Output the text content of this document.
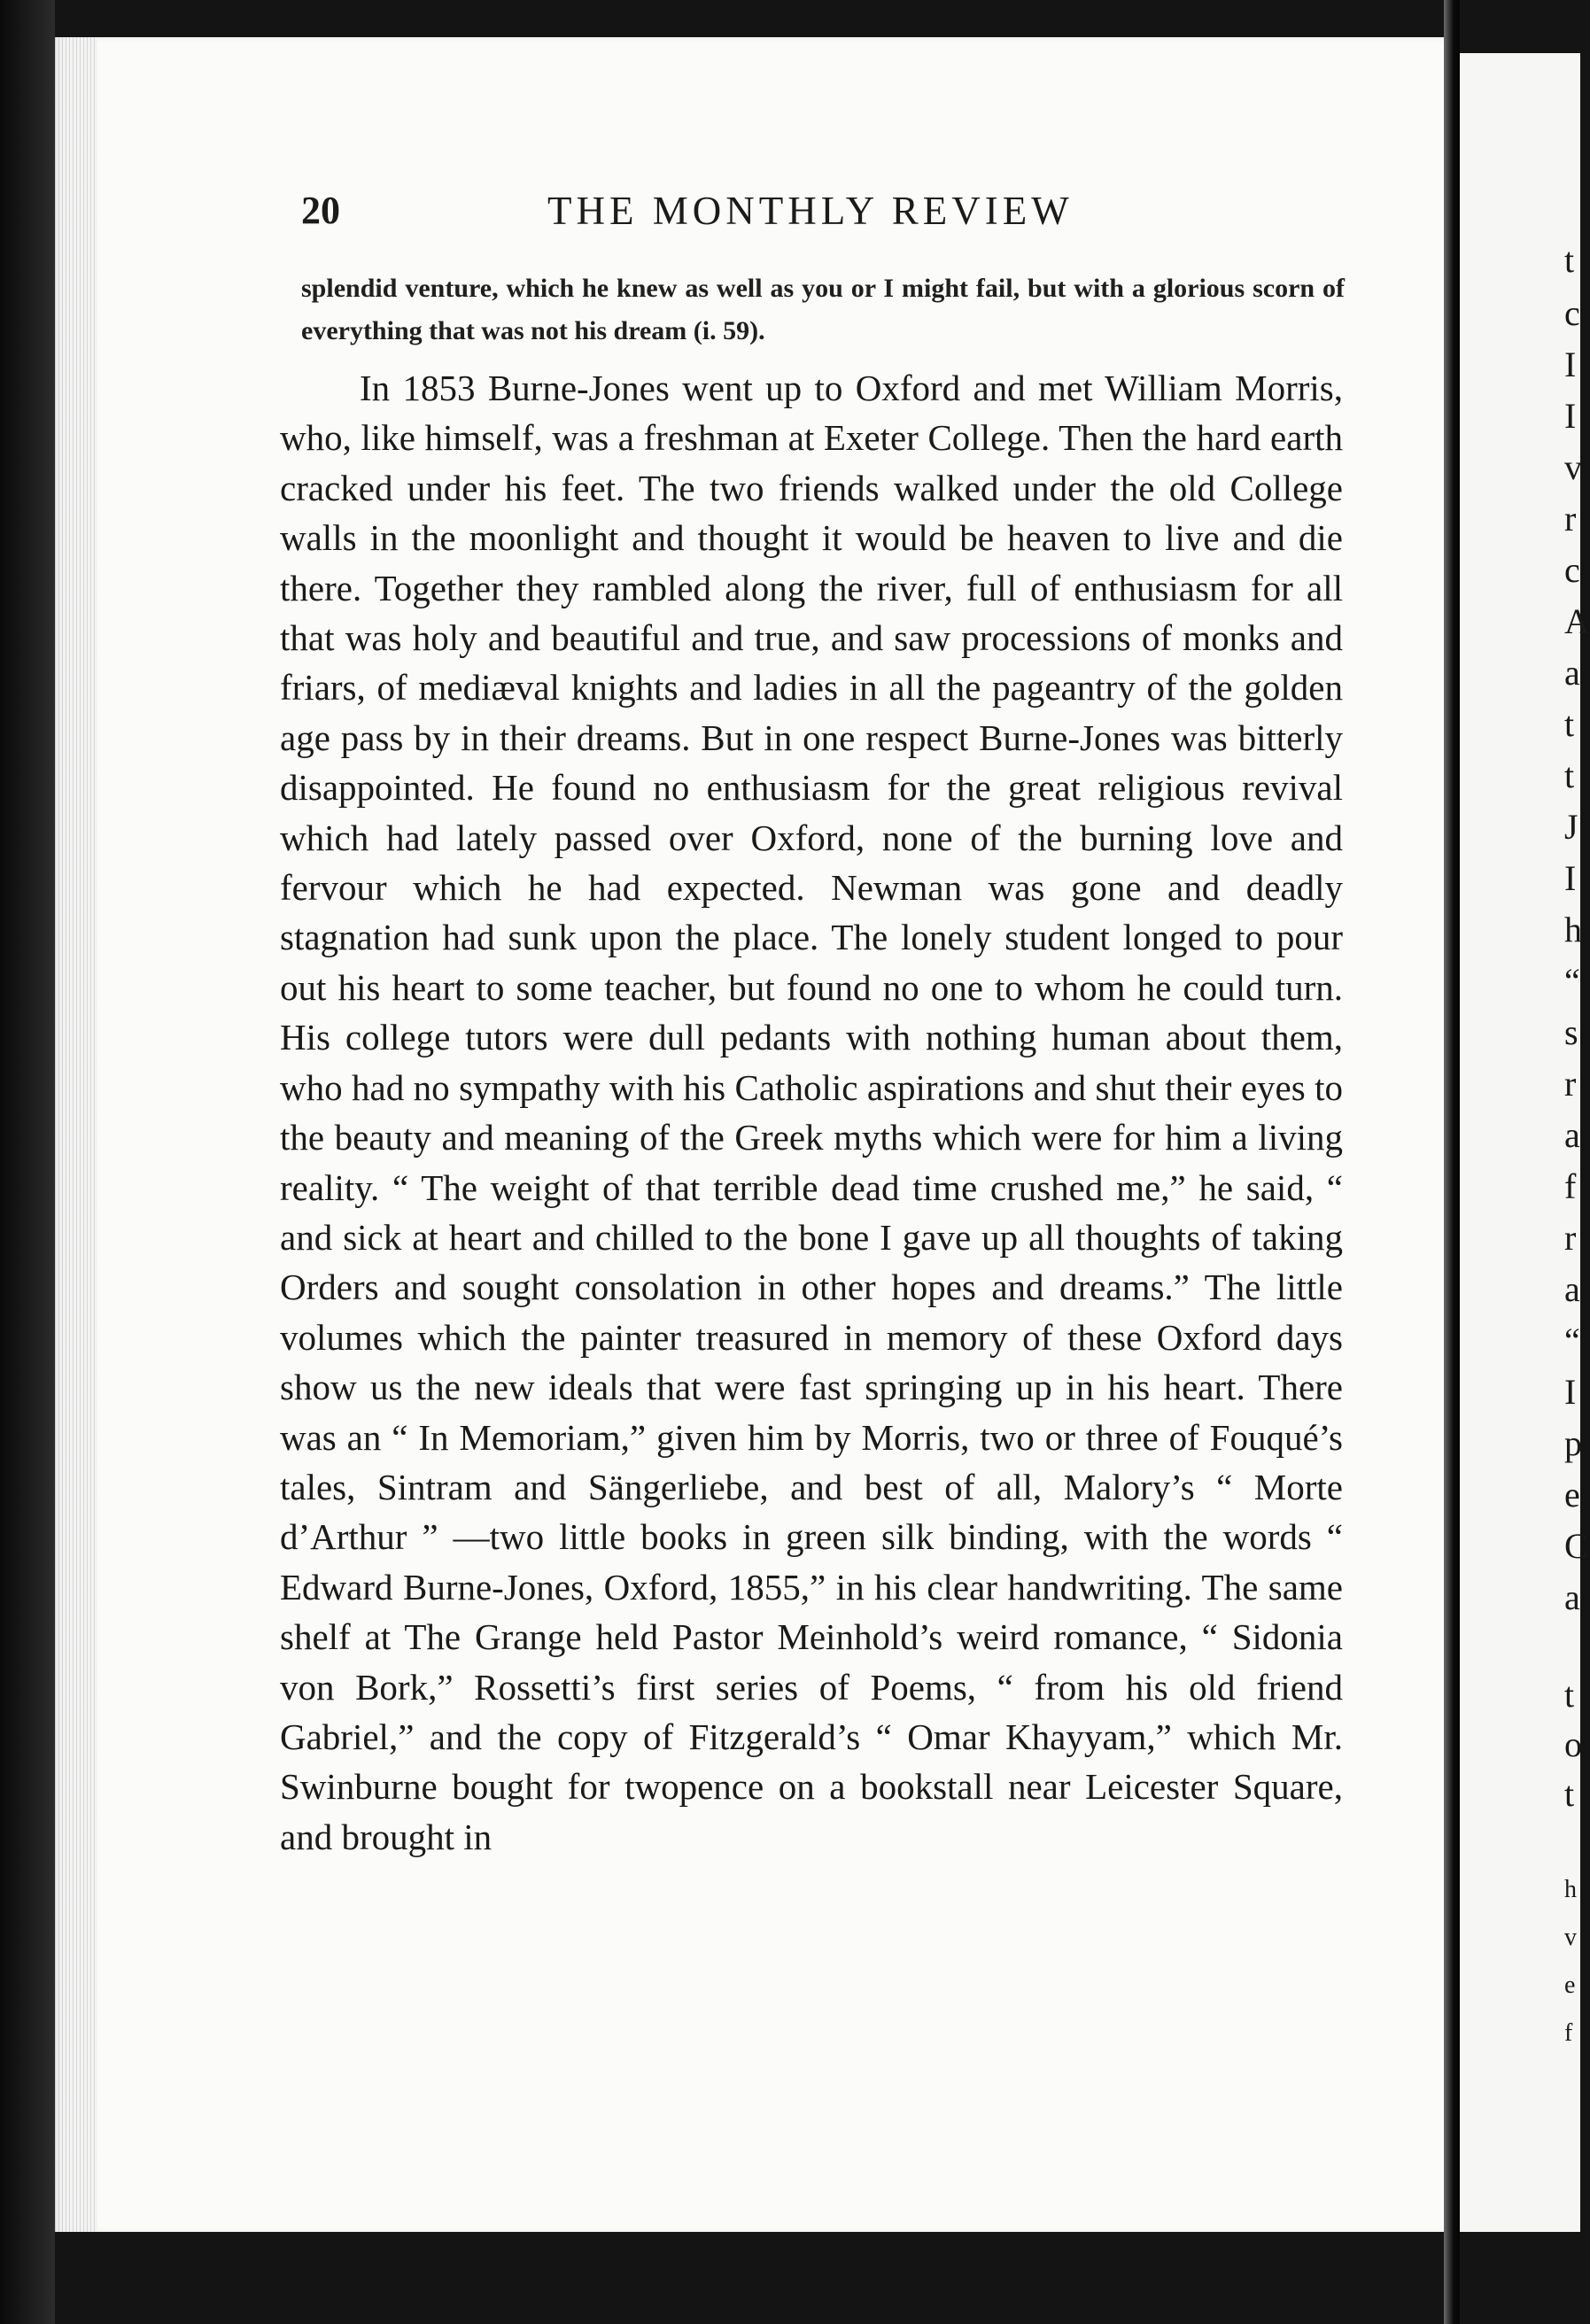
t
c
I
I
v
r
c
A
a
t
t
J
I
h
“
s
r
a
f
r
a
“
I
p
e
C
a
t
o
t
h
v
e
f
20	THE MONTHLY REVIEW
splendid venture, which he knew as well as you or I might fail, but with a glorious scorn of everything that was not his dream (i. 59).
In 1853 Burne-Jones went up to Oxford and met William Morris, who, like himself, was a freshman at Exeter College. Then the hard earth cracked under his feet. The two friends walked under the old College walls in the moonlight and thought it would be heaven to live and die there. Together they rambled along the river, full of enthusiasm for all that was holy and beautiful and true, and saw processions of monks and friars, of mediæval knights and ladies in all the pageantry of the golden age pass by in their dreams. But in one respect Burne-Jones was bitterly disappointed. He found no enthusiasm for the great religious revival which had lately passed over Oxford, none of the burning love and fervour which he had expected. Newman was gone and deadly stagnation had sunk upon the place. The lonely student longed to pour out his heart to some teacher, but found no one to whom he could turn. His college tutors were dull pedants with nothing human about them, who had no sympathy with his Catholic aspirations and shut their eyes to the beauty and meaning of the Greek myths which were for him a living reality. “ The weight of that terrible dead time crushed me,” he said, “ and sick at heart and chilled to the bone I gave up all thoughts of taking Orders and sought consolation in other hopes and dreams.” The little volumes which the painter treasured in memory of these Oxford days show us the new ideals that were fast springing up in his heart. There was an “ In Memoriam,” given him by Morris, two or three of Fouqué’s tales, Sintram and Sängerliebe, and best of all, Malory’s “ Morte d’Arthur ” —two little books in green silk binding, with the words “ Edward Burne-Jones, Oxford, 1855,” in his clear handwriting. The same shelf at The Grange held Pastor Meinhold’s weird romance, “ Sidonia von Bork,” Rossetti’s first series of Poems, “ from his old friend Gabriel,” and the copy of Fitzgerald’s “ Omar Khayyam,” which Mr. Swinburne bought for twopence on a bookstall near Leicester Square, and brought in
